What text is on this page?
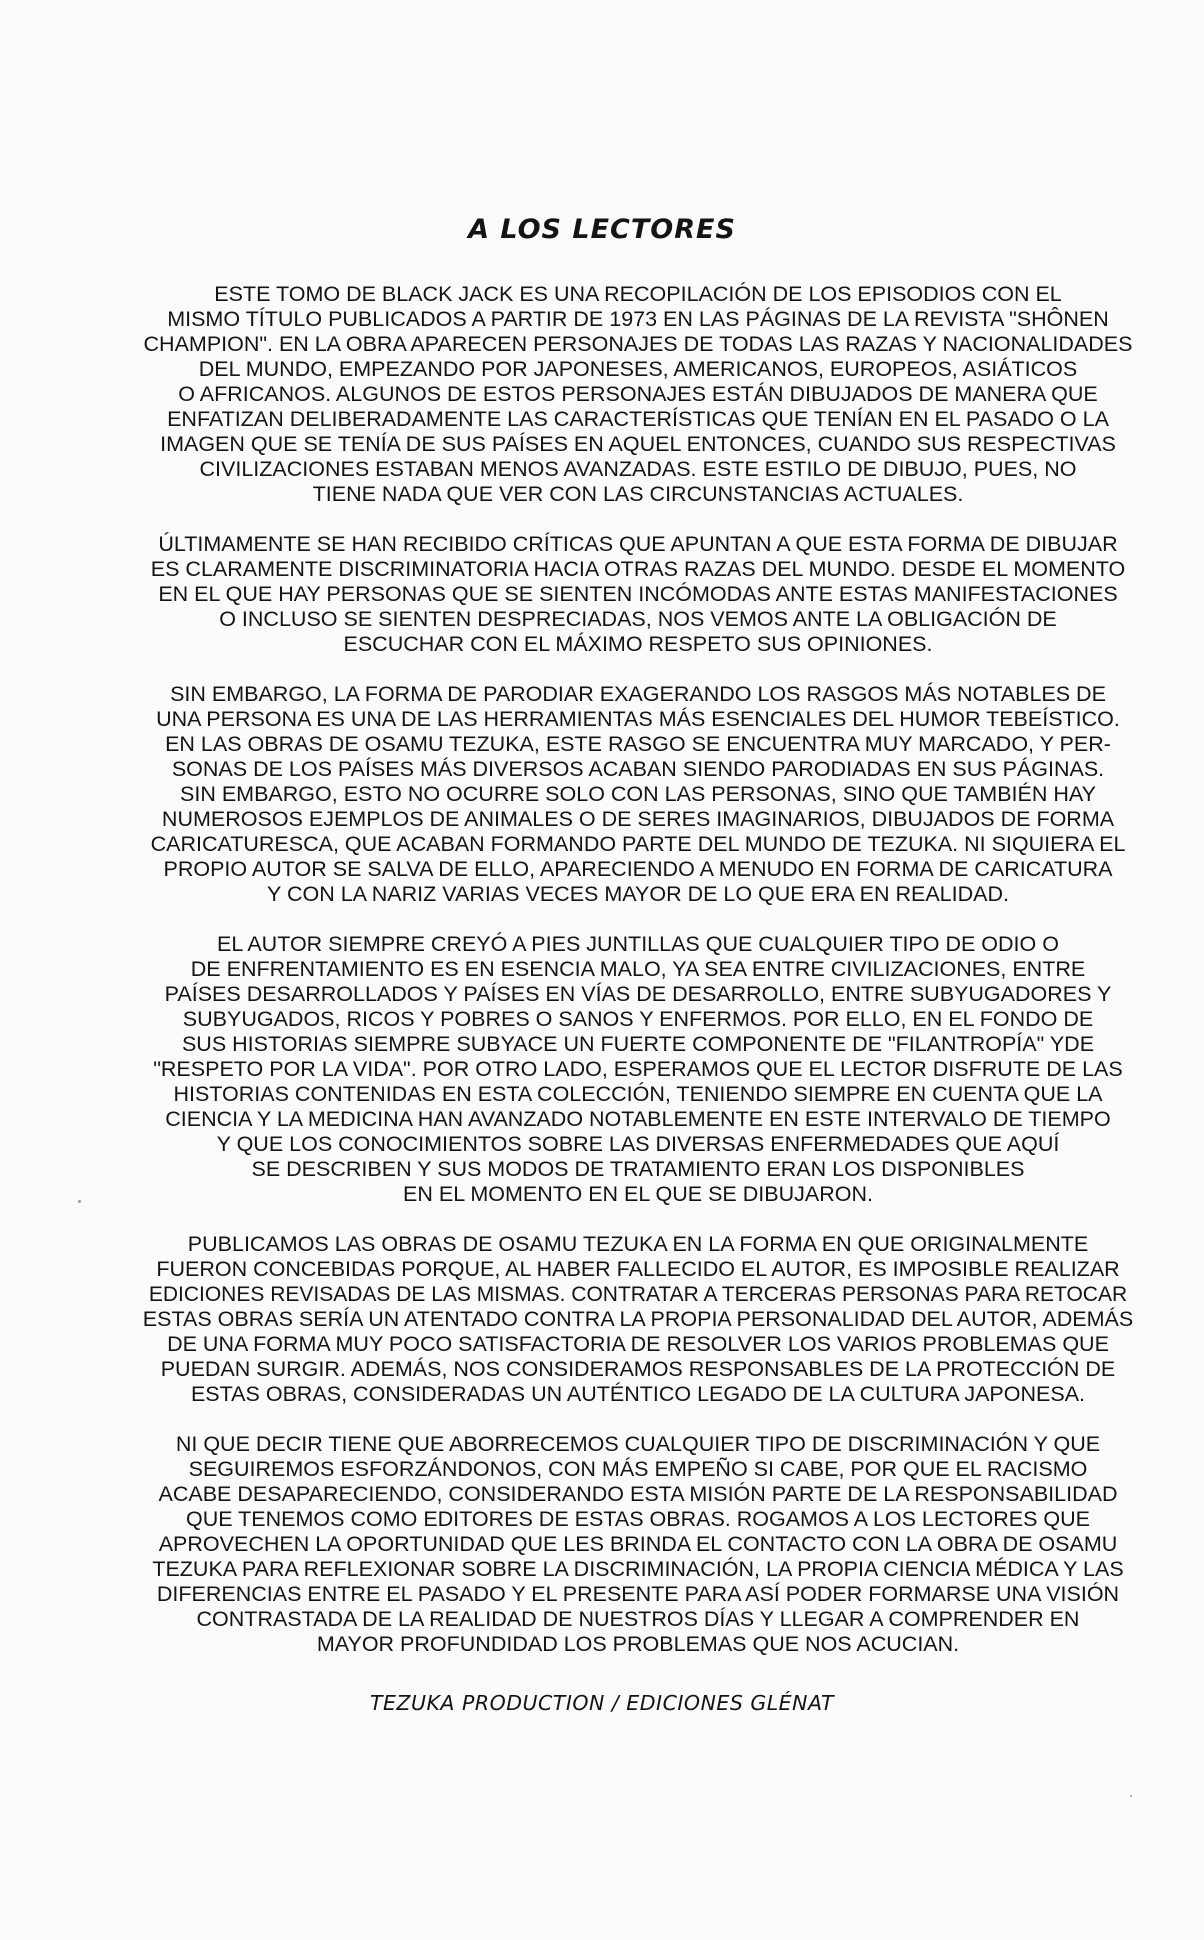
A LOS LECTORES

ESTE TOMO DE BLACK JACK ES UNA RECOPILACIÓN DE LOS EPISODIOS CON EL
MISMO TÍTULO PUBLICADOS A PARTIR DE 1973 EN LAS PÁGINAS DE LA REVISTA "SHÔNEN
CHAMPION". EN LA OBRA APARECEN PERSONAJES DE TODAS LAS RAZAS Y NACIONALIDADES
DEL MUNDO, EMPEZANDO POR JAPONESES, AMERICANOS, EUROPEOS, ASIÁTICOS
O AFRICANOS. ALGUNOS DE ESTOS PERSONAJES ESTÁN DIBUJADOS DE MANERA QUE
ENFATIZAN DELIBERADAMENTE LAS CARACTERÍSTICAS QUE TENÍAN EN EL PASADO O LA
IMAGEN QUE SE TENÍA DE SUS PAÍSES EN AQUEL ENTONCES, CUANDO SUS RESPECTIVAS
CIVILIZACIONES ESTABAN MENOS AVANZADAS. ESTE ESTILO DE DIBUJO, PUES, NO
TIENE NADA QUE VER CON LAS CIRCUNSTANCIAS ACTUALES.

ÚLTIMAMENTE SE HAN RECIBIDO CRÍTICAS QUE APUNTAN A QUE ESTA FORMA DE DIBUJAR
ES CLARAMENTE DISCRIMINATORIA HACIA OTRAS RAZAS DEL MUNDO. DESDE EL MOMENTO
EN EL QUE HAY PERSONAS QUE SE SIENTEN INCÓMODAS ANTE ESTAS MANIFESTACIONES
O INCLUSO SE SIENTEN DESPRECIADAS, NOS VEMOS ANTE LA OBLIGACIÓN DE
ESCUCHAR CON EL MÁXIMO RESPETO SUS OPINIONES.

SIN EMBARGO, LA FORMA DE PARODIAR EXAGERANDO LOS RASGOS MÁS NOTABLES DE
UNA PERSONA ES UNA DE LAS HERRAMIENTAS MÁS ESENCIALES DEL HUMOR TEBEÍSTICO.
EN LAS OBRAS DE OSAMU TEZUKA, ESTE RASGO SE ENCUENTRA MUY MARCADO, Y PER-
SONAS DE LOS PAÍSES MÁS DIVERSOS ACABAN SIENDO PARODIADAS EN SUS PÁGINAS.
SIN EMBARGO, ESTO NO OCURRE SOLO CON LAS PERSONAS, SINO QUE TAMBIÉN HAY
NUMEROSOS EJEMPLOS DE ANIMALES O DE SERES IMAGINARIOS, DIBUJADOS DE FORMA
CARICATURESCA, QUE ACABAN FORMANDO PARTE DEL MUNDO DE TEZUKA. NI SIQUIERA EL
PROPIO AUTOR SE SALVA DE ELLO, APARECIENDO A MENUDO EN FORMA DE CARICATURA
Y CON LA NARIZ VARIAS VECES MAYOR DE LO QUE ERA EN REALIDAD.

EL AUTOR SIEMPRE CREYÓ A PIES JUNTILLAS QUE CUALQUIER TIPO DE ODIO O
DE ENFRENTAMIENTO ES EN ESENCIA MALO, YA SEA ENTRE CIVILIZACIONES, ENTRE
PAÍSES DESARROLLADOS Y PAÍSES EN VÍAS DE DESARROLLO, ENTRE SUBYUGADORES Y
SUBYUGADOS, RICOS Y POBRES O SANOS Y ENFERMOS. POR ELLO, EN EL FONDO DE
SUS HISTORIAS SIEMPRE SUBYACE UN FUERTE COMPONENTE DE "FILANTROPÍA" YDE
"RESPETO POR LA VIDA". POR OTRO LADO, ESPERAMOS QUE EL LECTOR DISFRUTE DE LAS
HISTORIAS CONTENIDAS EN ESTA COLECCIÓN, TENIENDO SIEMPRE EN CUENTA QUE LA
CIENCIA Y LA MEDICINA HAN AVANZADO NOTABLEMENTE EN ESTE INTERVALO DE TIEMPO
Y QUE LOS CONOCIMIENTOS SOBRE LAS DIVERSAS ENFERMEDADES QUE AQUÍ
SE DESCRIBEN Y SUS MODOS DE TRATAMIENTO ERAN LOS DISPONIBLES
EN EL MOMENTO EN EL QUE SE DIBUJARON.

PUBLICAMOS LAS OBRAS DE OSAMU TEZUKA EN LA FORMA EN QUE ORIGINALMENTE
FUERON CONCEBIDAS PORQUE, AL HABER FALLECIDO EL AUTOR, ES IMPOSIBLE REALIZAR
EDICIONES REVISADAS DE LAS MISMAS. CONTRATAR A TERCERAS PERSONAS PARA RETOCAR
ESTAS OBRAS SERÍA UN ATENTADO CONTRA LA PROPIA PERSONALIDAD DEL AUTOR, ADEMÁS
DE UNA FORMA MUY POCO SATISFACTORIA DE RESOLVER LOS VARIOS PROBLEMAS QUE
PUEDAN SURGIR. ADEMÁS, NOS CONSIDERAMOS RESPONSABLES DE LA PROTECCIÓN DE
ESTAS OBRAS, CONSIDERADAS UN AUTÉNTICO LEGADO DE LA CULTURA JAPONESA.

NI QUE DECIR TIENE QUE ABORRECEMOS CUALQUIER TIPO DE DISCRIMINACIÓN Y QUE
SEGUIREMOS ESFORZÁNDONOS, CON MÁS EMPEÑO SI CABE, POR QUE EL RACISMO
ACABE DESAPARECIENDO, CONSIDERANDO ESTA MISIÓN PARTE DE LA RESPONSABILIDAD
QUE TENEMOS COMO EDITORES DE ESTAS OBRAS. ROGAMOS A LOS LECTORES QUE
APROVECHEN LA OPORTUNIDAD QUE LES BRINDA EL CONTACTO CON LA OBRA DE OSAMU
TEZUKA PARA REFLEXIONAR SOBRE LA DISCRIMINACIÓN, LA PROPIA CIENCIA MÉDICA Y LAS
DIFERENCIAS ENTRE EL PASADO Y EL PRESENTE PARA ASÍ PODER FORMARSE UNA VISIÓN
CONTRASTADA DE LA REALIDAD DE NUESTROS DÍAS Y LLEGAR A COMPRENDER EN
MAYOR PROFUNDIDAD LOS PROBLEMAS QUE NOS ACUCIAN.

TEZUKA PRODUCTION / EDICIONES GLÉNAT
